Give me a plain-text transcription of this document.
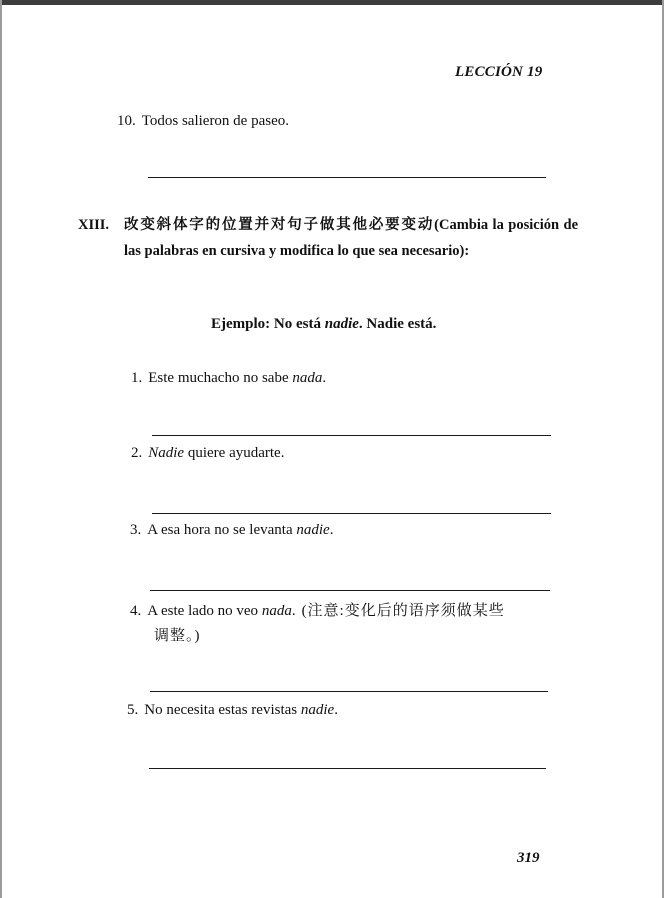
LECCIÓN 19
10. Todos salieron de paseo.
XIII. 改变斜体字的位置并对句子做其他必要变动(Cambia la posición de las palabras en cursiva y modifica lo que sea necesario):
Ejemplo: No está nadie. Nadie está.
1. Este muchacho no sabe nada.
2. Nadie quiere ayudarte.
3. A esa hora no se levanta nadie.
4. A este lado no veo nada. (注意:变化后的语序须做某些
调整。)
5. No necesita estas revistas nadie.
319
